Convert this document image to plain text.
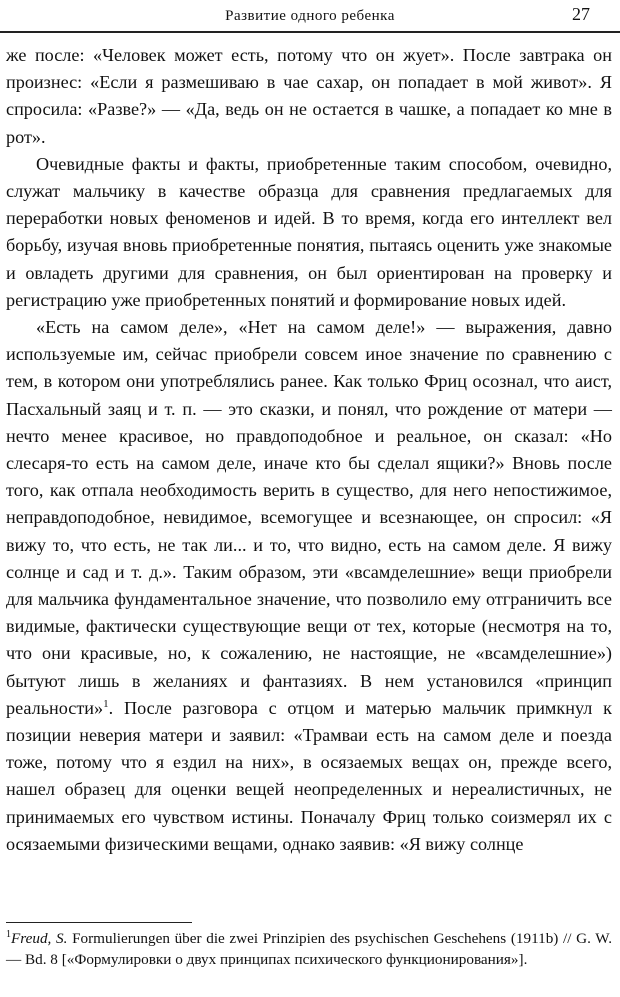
Развитие одного ребенка	27

же после: «Человек может есть, потому что он жует». После завтрака он произнес: «Если я размешиваю в чае сахар, он попадает в мой живот». Я спросила: «Разве?» — «Да, ведь он не остается в чашке, а попадает ко мне в рот».

Очевидные факты и факты, приобретенные таким способом, очевидно, служат мальчику в качестве образца для сравнения предлагаемых для переработки новых феноменов и идей. В то время, когда его интеллект вел борьбу, изучая вновь приобретенные понятия, пытаясь оценить уже знакомые и овладеть другими для сравнения, он был ориентирован на проверку и регистрацию уже приобретенных понятий и формирование новых идей.

«Есть на самом деле», «Нет на самом деле!» — выражения, давно используемые им, сейчас приобрели совсем иное значение по сравнению с тем, в котором они употреблялись ранее. Как только Фриц осознал, что аист, Пасхальный заяц и т. п. — это сказки, и понял, что рождение от матери — нечто менее красивое, но правдоподобное и реальное, он сказал: «Но слесаря-то есть на самом деле, иначе кто бы сделал ящики?» Вновь после того, как отпала необходимость верить в существо, для него непостижимое, неправдоподобное, невидимое, всемогущее и всезнающее, он спросил: «Я вижу то, что есть, не так ли... и то, что видно, есть на самом деле. Я вижу солнце и сад и т. д.». Таким образом, эти «всамделешние» вещи приобрели для мальчика фундаментальное значение, что позволило ему отграничить все видимые, фактически существующие вещи от тех, которые (несмотря на то, что они красивые, но, к сожалению, не настоящие, не «всамделешние») бытуют лишь в желаниях и фантазиях. В нем установился «принцип реальности»$^1$. После разговора с отцом и матерью мальчик примкнул к позиции неверия матери и заявил: «Трамваи есть на самом деле и поезда тоже, потому что я ездил на них», в осязаемых вещах он, прежде всего, нашел образец для оценки вещей неопределенных и нереалистичных, не принимаемых его чувством истины. Поначалу Фриц только соизмерял их с осязаемыми физическими вещами, однако заявив: «Я вижу солнце

$^1$Freud, S. Formulierungen über die zwei Prinzipien des psychischen Geschehens (1911b) // G. W. — Bd. 8 [«Формулировки о двух принципах психического функционирования»].
